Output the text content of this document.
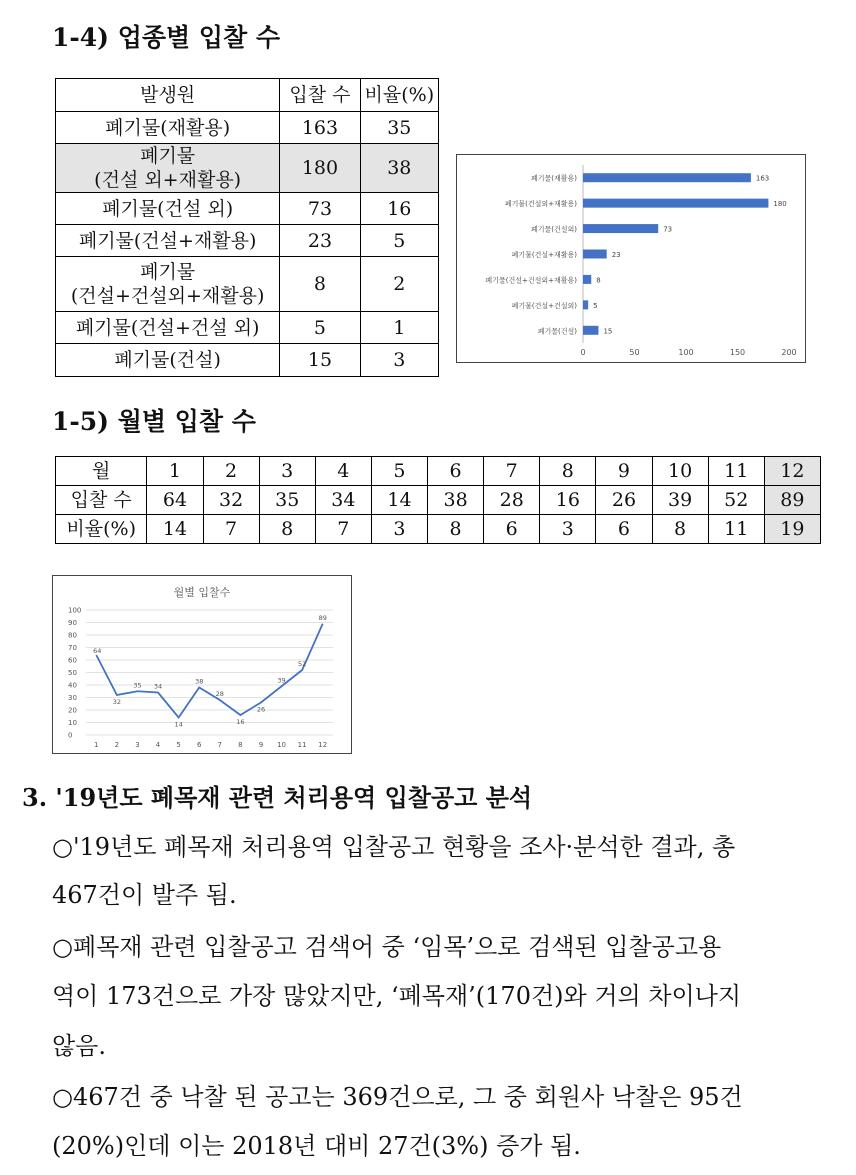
1-4) 업종별 입찰 수
발생원	입찰 수	비율(%)
폐기물(재활용)	163	35
폐기물
(건설 외+재활용)	180	38
폐기물(건설 외)	73	16
폐기물(건설+재활용)	23	5
폐기물
(건설+건설외+재활용)	8	2
폐기물(건설+건설 외)	5	1
폐기물(건설)	15	3	0	50	100	150	200
폐기물(재활용)	163
폐기물(건설외+재활용)	180
폐기물(건설외)	73
폐기물(건설+재활용)	23
폐기물(건설+건설외+재활용)	8
폐기물(건설+건설외) 5
폐기물(건설)	15
1-5) 월별 입찰 수
월	1	2	3	4	5	6	7	8	9	10	11	12
입찰 수	64	32	35	34	14	38	28	16	26	39	52	89
비율(%)	14	7	8	7	3	8	6	3	6	8	11	19
월별 입찰수
0
10
20
30
40
50
60
70
80
90
100
1 2 3 4 5 6 7 8 9 10 11 12
64
32
35 34
14
38
28
16
26
39
52
89
3. '19년도 폐목재 관련 처리용역 입찰공고 분석
○'19년도 폐목재 처리용역 입찰공고 현황을 조사·분석한 결과, 총
467건이 발주 됨.
○폐목재 관련 입찰공고 검색어 중 ‘임목’으로 검색된 입찰공고용
역이 173건으로 가장 많았지만, ‘폐목재’(170건)와 거의 차이나지
않음.
○467건 중 낙찰 된 공고는 369건으로, 그 중 회원사 낙찰은 95건
(20%)인데 이는 2018년 대비 27건(3%) 증가 됨.
